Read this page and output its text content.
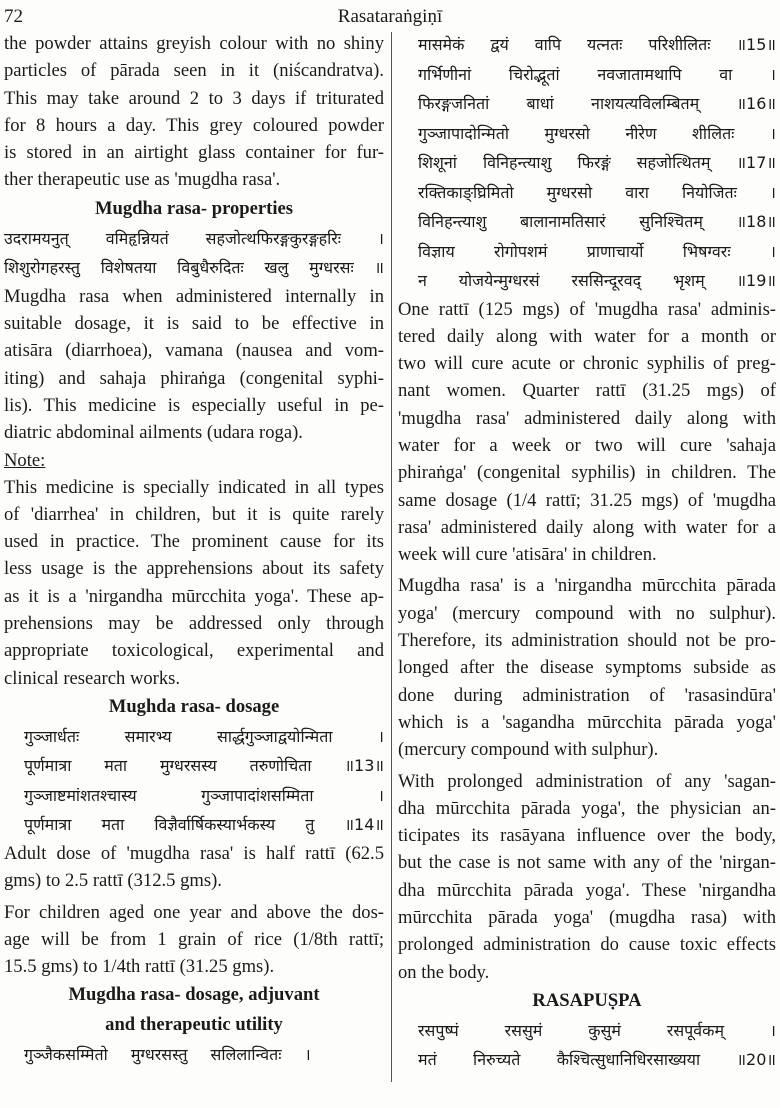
72	Rasataraṅgiṇī
the powder attains greyish colour with no shiny
particles of pārada seen in it (niścandratva).
This may take around 2 to 3 days if triturated
for 8 hours a day. This grey coloured powder
is stored in an airtight glass container for fur-
ther therapeutic use as 'mugdha rasa'.
Mugdha rasa- properties
उदरामयनुत् वमिहृन्नियतं सहजोत्थफिरङ्गकुरङ्गहरिः ।
शिशुरोगहरस्तु विशेषतया विबुधैरुदितः खलु मुग्धरसः ॥
Mugdha rasa when administered internally in
suitable dosage, it is said to be effective in
atisāra (diarrhoea), vamana (nausea and vom-
iting) and sahaja phiraṅga (congenital syphi-
lis). This medicine is especially useful in pe-
diatric abdominal ailments (udara roga).
Note:
This medicine is specially indicated in all types
of 'diarrhea' in children, but it is quite rarely
used in practice. The prominent cause for its
less usage is the apprehensions about its safety
as it is a 'nirgandha mūrcchita yoga'. These ap-
prehensions may be addressed only through
appropriate toxicological, experimental and
clinical research works.
Mughda rasa- dosage
गुञ्जार्धतः समारभ्य सार्द्धगुञ्जाद्वयोन्मिता ।
पूर्णमात्रा मता मुग्धरसस्य तरुणोचिता ॥13॥
गुञ्जाष्टमांशतश्चास्य गुञ्जापादांशसम्मिता ।
पूर्णमात्रा मता विज्ञैर्वार्षिकस्यार्भकस्य तु ॥14॥
Adult dose of 'mugdha rasa' is half rattī (62.5
gms) to 2.5 rattī (312.5 gms).
For children aged one year and above the dos-
age will be from 1 grain of rice (1/8th rattī;
15.5 gms) to 1/4th rattī (31.25 gms).
Mugdha rasa- dosage, adjuvant
and therapeutic utility
गुञ्जैकसम्मितो मुग्धरसस्तु सलिलान्वितः ।
मासमेकं द्वयं वापि यत्नतः परिशीलितः ॥15॥
गर्भिणीनां चिरोद्भूतां नवजातामथापि वा ।
फिरङ्गजनितां बाधां नाशयत्यविलम्बितम् ॥16॥
गुञ्जापादोन्मितो मुग्धरसो नीरेण शीलितः ।
शिशूनां विनिहन्त्याशु फिरङ्गं सहजोत्थितम् ॥17॥
रक्तिकाङ्घ्रिमितो मुग्धरसो वारा नियोजितः ।
विनिहन्त्याशु बालानामतिसारं सुनिश्चितम् ॥18॥
विज्ञाय रोगोपशमं प्राणाचार्यो भिषग्वरः ।
न योजयेन्मुग्धरसं रससिन्दूरवद् भृशम् ॥19॥
One rattī (125 mgs) of 'mugdha rasa' adminis-
tered daily along with water for a month or
two will cure acute or chronic syphilis of preg-
nant women. Quarter rattī (31.25 mgs) of
'mugdha rasa' administered daily along with
water for a week or two will cure 'sahaja
phiraṅga' (congenital syphilis) in children. The
same dosage (1/4 rattī; 31.25 mgs) of 'mugdha
rasa' administered daily along with water for a
week will cure 'atisāra' in children.
Mugdha rasa' is a 'nirgandha mūrcchita pārada
yoga' (mercury compound with no sulphur).
Therefore, its administration should not be pro-
longed after the disease symptoms subside as
done during administration of 'rasasindūra'
which is a 'sagandha mūrcchita pārada yoga'
(mercury compound with sulphur).
With prolonged administration of any 'sagan-
dha mūrcchita pārada yoga', the physician an-
ticipates its rasāyana influence over the body,
but the case is not same with any of the 'nirgan-
dha mūrcchita pārada yoga'. These 'nirgandha
mūrcchita pārada yoga' (mugdha rasa) with
prolonged administration do cause toxic effects
on the body.
RASAPUṢPA
रसपुष्पं रससुमं कुसुमं रसपूर्वकम् ।
मतं निरुच्यते कैश्चित्सुधानिधिरसाख्यया ॥20॥
